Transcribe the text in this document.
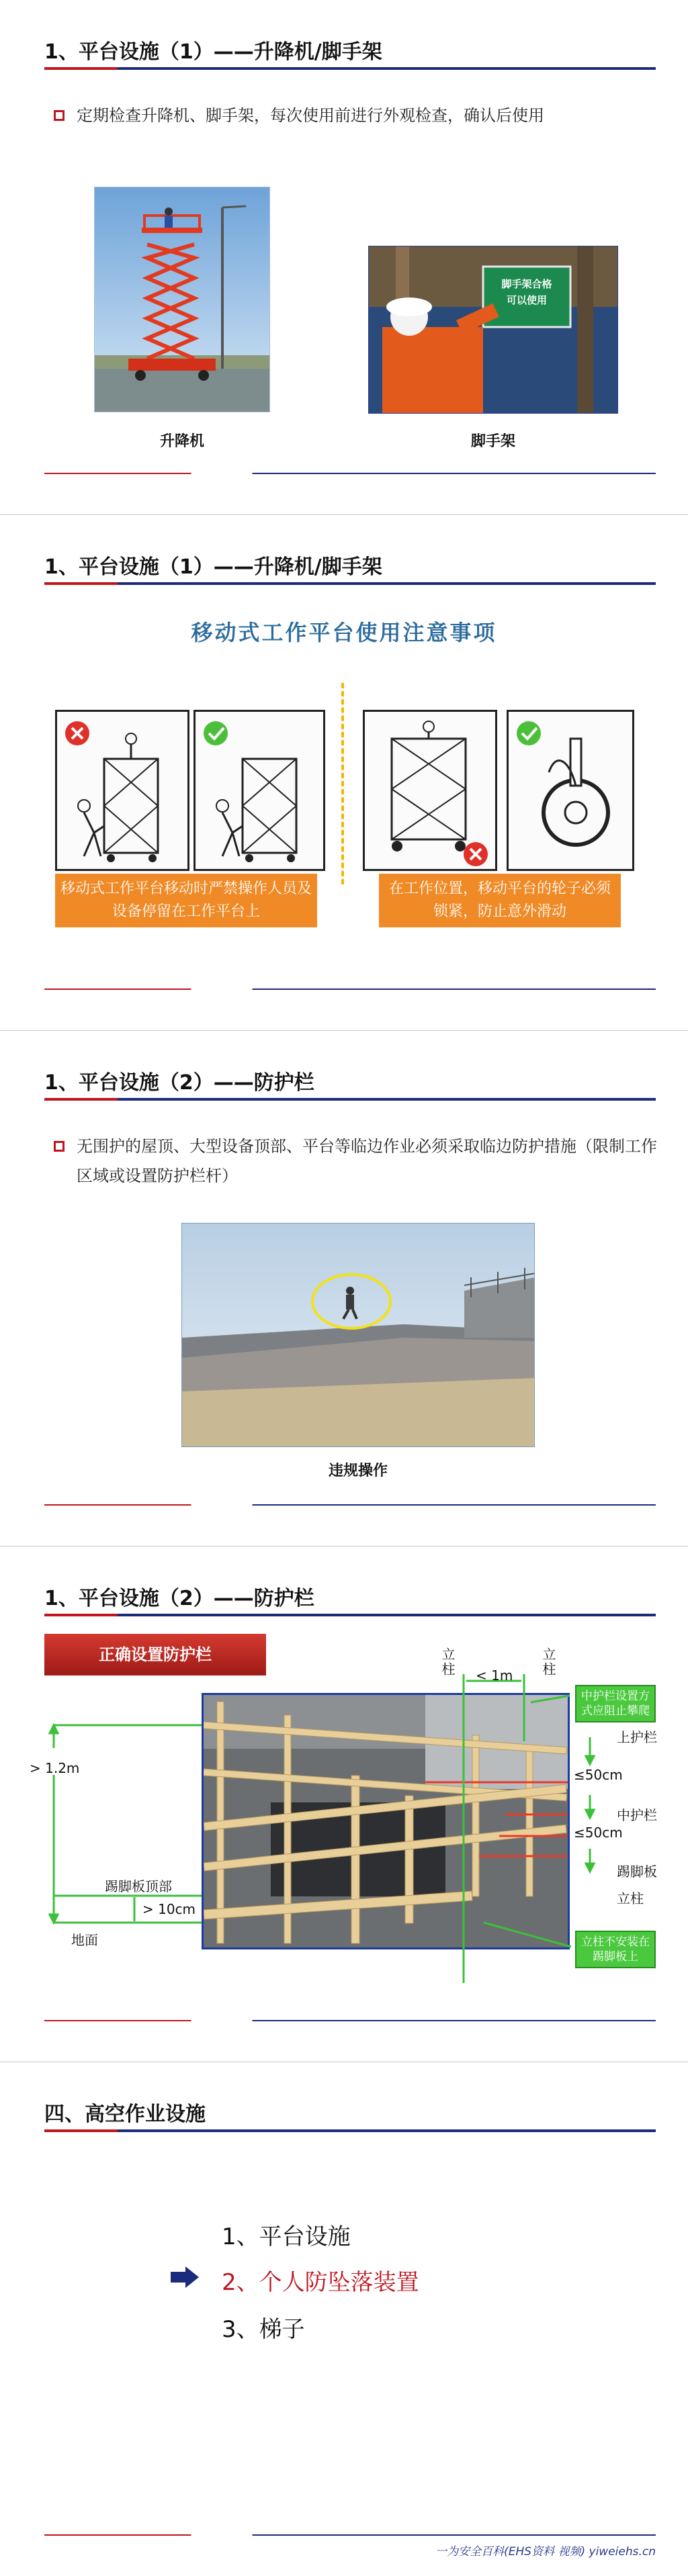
1、平台设施（1）——升降机/脚手架
定期检查升降机、脚手架，每次使用前进行外观检查，确认后使用
升降机
脚手架合格
可以使用
脚手架
1、平台设施（1）——升降机/脚手架
移动式工作平台使用注意事项
移动式工作平台移动时严禁操作人员及设备停留在工作平台上
在工作位置，移动平台的轮子必须锁紧，防止意外滑动
1、平台设施（2）——防护栏
无围护的屋顶、大型设备顶部、平台等临边作业必须采取临边防护措施（限制工作区域或设置防护栏杆）
违规操作
1、平台设施（2）——防护栏
正确设置防护栏	立柱	立柱
< 1m
> 1.2m
踢脚板顶部
> 10cm
地面
中护栏设置方式应阻止攀爬
上护栏
≤50cm
中护栏
≤50cm
踢脚板
立柱
立柱不安装在踢脚板上
四、高空作业设施
1、平台设施
2、个人防坠落装置
3、梯子
一为安全百科(EHS资料 视频) yiweiehs.cn
